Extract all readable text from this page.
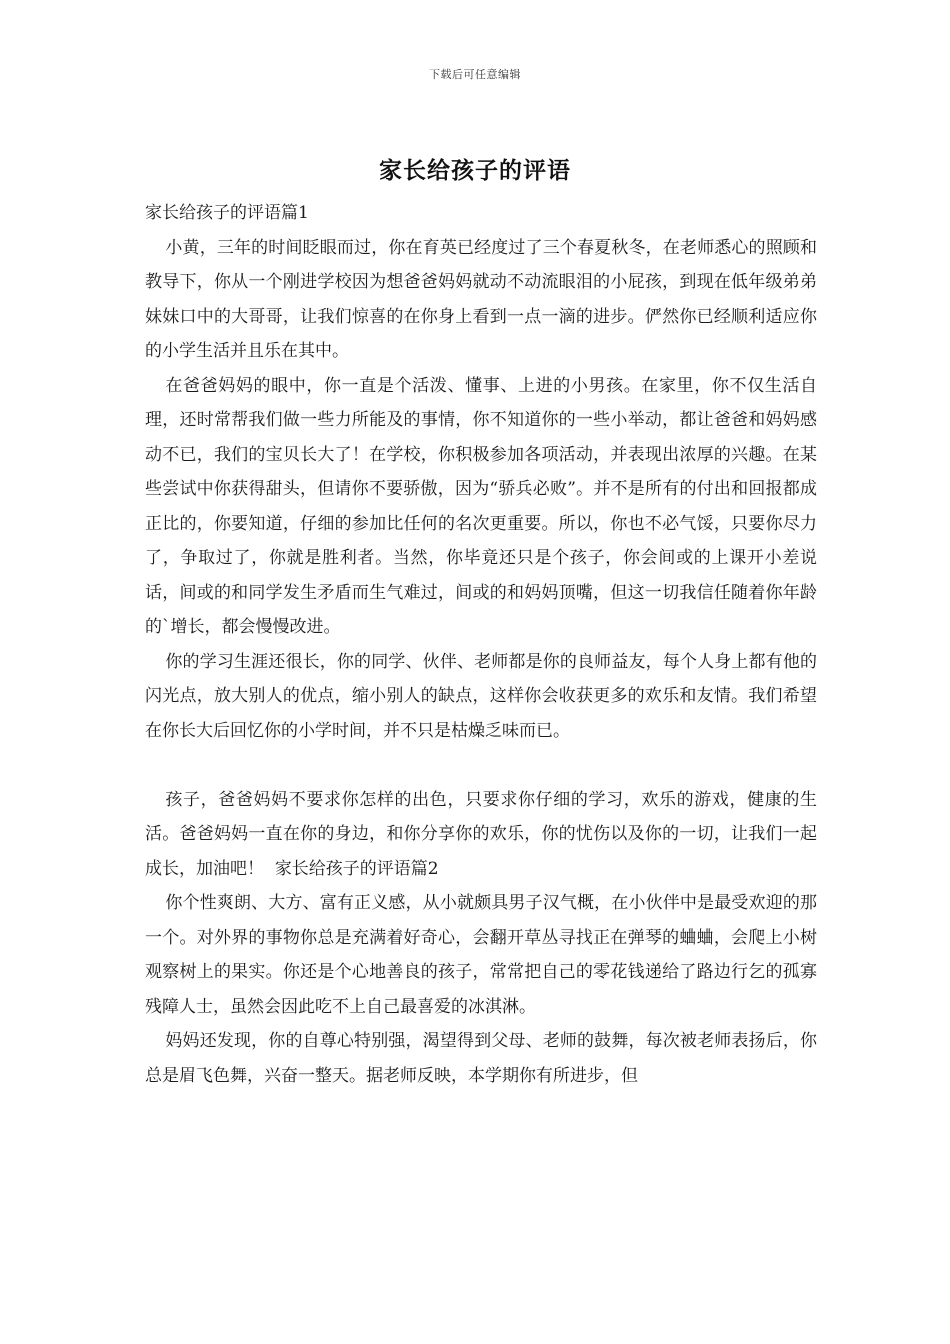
下载后可任意编辑
家长给孩子的评语

家长给孩子的评语篇1

小黄，三年的时间眨眼而过，你在育英已经度过了三个春夏秋冬，在老师悉心的照顾和教导下，你从一个刚进学校因为想爸爸妈妈就动不动流眼泪的小屁孩，到现在低年级弟弟妹妹口中的大哥哥，让我们惊喜的在你身上看到一点一滴的进步。俨然你已经顺利适应你的小学生活并且乐在其中。

在爸爸妈妈的眼中，你一直是个活泼、懂事、上进的小男孩。在家里，你不仅生活自理，还时常帮我们做一些力所能及的事情，你不知道你的一些小举动，都让爸爸和妈妈感动不已，我们的宝贝长大了！在学校，你积极参加各项活动，并表现出浓厚的兴趣。在某些尝试中你获得甜头，但请你不要骄傲，因为“骄兵必败”。并不是所有的付出和回报都成正比的，你要知道，仔细的参加比任何的名次更重要。所以，你也不必气馁，只要你尽力了，争取过了，你就是胜利者。当然，你毕竟还只是个孩子，你会间或的上课开小差说话，间或的和同学发生矛盾而生气难过，间或的和妈妈顶嘴，但这一切我信任随着你年龄的`增长，都会慢慢改进。

你的学习生涯还很长，你的同学、伙伴、老师都是你的良师益友，每个人身上都有他的闪光点，放大别人的优点，缩小别人的缺点，这样你会收获更多的欢乐和友情。我们希望在你长大后回忆你的小学时间，并不只是枯燥乏味而已。

孩子，爸爸妈妈不要求你怎样的出色，只要求你仔细的学习，欢乐的游戏，健康的生活。爸爸妈妈一直在你的身边，和你分享你的欢乐，你的忧伤以及你的一切，让我们一起成长，加油吧！ 家长给孩子的评语篇2

你个性爽朗、大方、富有正义感，从小就颇具男子汉气概，在小伙伴中是最受欢迎的那一个。对外界的事物你总是充满着好奇心，会翻开草丛寻找正在弹琴的蛐蛐，会爬上小树观察树上的果实。你还是个心地善良的孩子，常常把自己的零花钱递给了路边行乞的孤寡残障人士，虽然会因此吃不上自己最喜爱的冰淇淋。

妈妈还发现，你的自尊心特别强，渴望得到父母、老师的鼓舞，每次被老师表扬后，你总是眉飞色舞，兴奋一整天。据老师反映，本学期你有所进步，但
